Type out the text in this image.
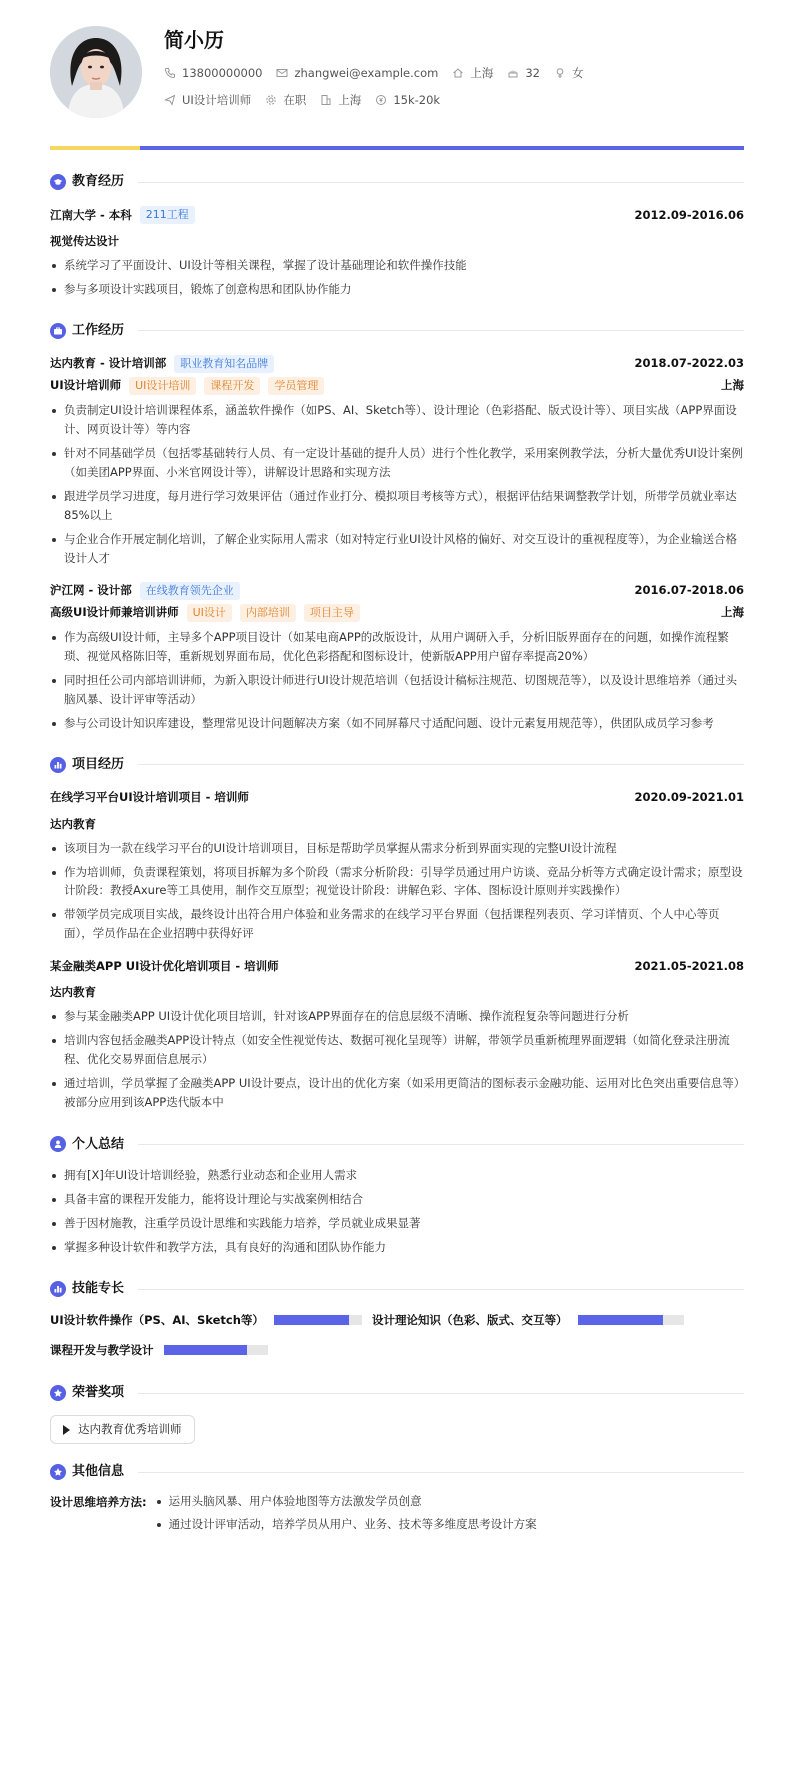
简小历
13800000000	zhangwei@example.com	上海	32	女
UI设计培训师	在职	上海	15k-20k
教育经历
江南大学 - 本科	211工程	2012.09-2016.06
视觉传达设计
系统学习了平面设计、UI设计等相关课程，掌握了设计基础理论和软件操作技能
参与多项设计实践项目，锻炼了创意构思和团队协作能力
工作经历
达内教育 - 设计培训部	职业教育知名品牌	2018.07-2022.03
UI设计培训师	UI设计培训	课程开发	学员管理	上海
负责制定UI设计培训课程体系，涵盖软件操作（如PS、AI、Sketch等）、设计理论（色彩搭配、版式设计等）、项目实战（APP界面设计、网页设计等）等内容
针对不同基础学员（包括零基础转行人员、有一定设计基础的提升人员）进行个性化教学，采用案例教学法，分析大量优秀UI设计案例（如美团APP界面、小米官网设计等），讲解设计思路和实现方法
跟进学员学习进度，每月进行学习效果评估（通过作业打分、模拟项目考核等方式），根据评估结果调整教学计划，所带学员就业率达85%以上
与企业合作开展定制化培训，了解企业实际用人需求（如对特定行业UI设计风格的偏好、对交互设计的重视程度等），为企业输送合格设计人才
沪江网 - 设计部	在线教育领先企业	2016.07-2018.06
高级UI设计师兼培训讲师	UI设计	内部培训	项目主导	上海
作为高级UI设计师，主导多个APP项目设计（如某电商APP的改版设计，从用户调研入手，分析旧版界面存在的问题，如操作流程繁琐、视觉风格陈旧等，重新规划界面布局，优化色彩搭配和图标设计，使新版APP用户留存率提高20%）
同时担任公司内部培训讲师，为新入职设计师进行UI设计规范培训（包括设计稿标注规范、切图规范等），以及设计思维培养（通过头脑风暴、设计评审等活动）
参与公司设计知识库建设，整理常见设计问题解决方案（如不同屏幕尺寸适配问题、设计元素复用规范等），供团队成员学习参考
项目经历
在线学习平台UI设计培训项目 - 培训师	2020.09-2021.01
达内教育
该项目为一款在线学习平台的UI设计培训项目，目标是帮助学员掌握从需求分析到界面实现的完整UI设计流程
作为培训师，负责课程策划，将项目拆解为多个阶段（需求分析阶段：引导学员通过用户访谈、竞品分析等方式确定设计需求；原型设计阶段：教授Axure等工具使用，制作交互原型；视觉设计阶段：讲解色彩、字体、图标设计原则并实践操作）
带领学员完成项目实战，最终设计出符合用户体验和业务需求的在线学习平台界面（包括课程列表页、学习详情页、个人中心等页面），学员作品在企业招聘中获得好评
某金融类APP UI设计优化培训项目 - 培训师	2021.05-2021.08
达内教育
参与某金融类APP UI设计优化项目培训，针对该APP界面存在的信息层级不清晰、操作流程复杂等问题进行分析
培训内容包括金融类APP设计特点（如安全性视觉传达、数据可视化呈现等）讲解，带领学员重新梳理界面逻辑（如简化登录注册流程、优化交易界面信息展示）
通过培训，学员掌握了金融类APP UI设计要点，设计出的优化方案（如采用更简洁的图标表示金融功能、运用对比色突出重要信息等）被部分应用到该APP迭代版本中
个人总结
拥有[X]年UI设计培训经验，熟悉行业动态和企业用人需求
具备丰富的课程开发能力，能将设计理论与实战案例相结合
善于因材施教，注重学员设计思维和实践能力培养，学员就业成果显著
掌握多种设计软件和教学方法，具有良好的沟通和团队协作能力
技能专长
UI设计软件操作（PS、AI、Sketch等）	设计理论知识（色彩、版式、交互等）
课程开发与教学设计
荣誉奖项
达内教育优秀培训师
其他信息
设计思维培养方法:	运用头脑风暴、用户体验地图等方法激发学员创意
通过设计评审活动，培养学员从用户、业务、技术等多维度思考设计方案
